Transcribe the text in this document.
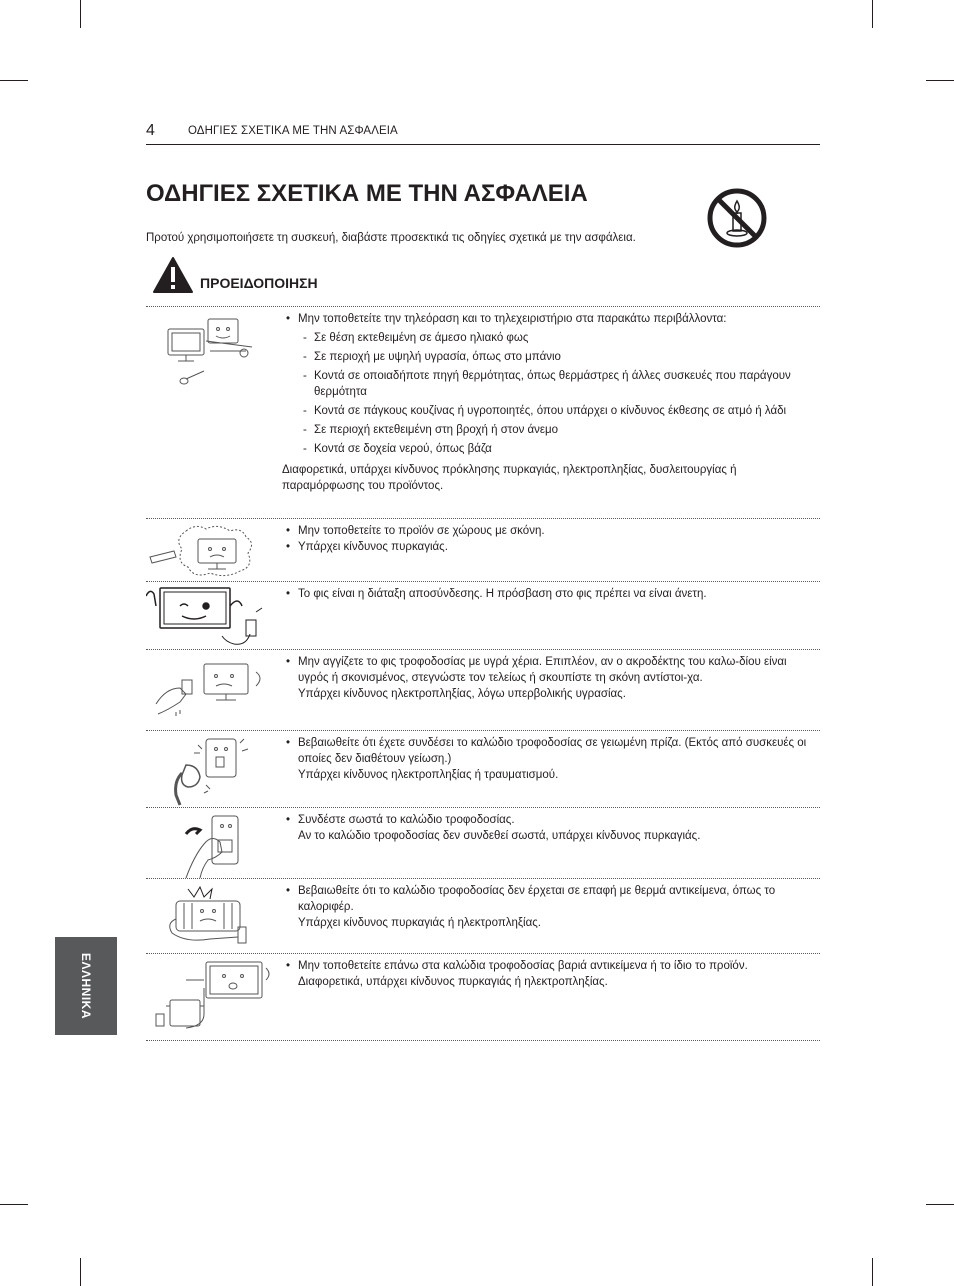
4	ΟΔΗΓΙΕΣ ΣΧΕΤΙΚΑ ΜΕ ΤΗΝ ΑΣΦΑΛΕΙΑ
ΟΔΗΓΙΕΣ ΣΧΕΤΙΚΑ ΜΕ ΤΗΝ ΑΣΦΑΛΕΙΑ
Προτού χρησιμοποιήσετε τη συσκευή, διαβάστε προσεκτικά τις οδηγίες σχετικά με την ασφάλεια.
ΠΡΟΕΙΔΟΠΟΙΗΣΗ
• Μην τοποθετείτε την τηλεόραση και το τηλεχειριστήριο στα παρακάτω περιβάλλοντα:
- Σε θέση εκτεθειμένη σε άμεσο ηλιακό φως
- Σε περιοχή με υψηλή υγρασία, όπως στο μπάνιο
- Κοντά σε οποιαδήποτε πηγή θερμότητας, όπως θερμάστρες ή άλλες συσκευές που παράγουν θερμότητα
- Κοντά σε πάγκους κουζίνας ή υγροποιητές, όπου υπάρχει ο κίνδυνος έκθεσης σε ατμό ή λάδι
- Σε περιοχή εκτεθειμένη στη βροχή ή στον άνεμο
- Κοντά σε δοχεία νερού, όπως βάζα
Διαφορετικά, υπάρχει κίνδυνος πρόκλησης πυρκαγιάς, ηλεκτροπληξίας, δυσλειτουργίας ή παραμόρφωσης του προϊόντος.
• Μην τοποθετείτε το προϊόν σε χώρους με σκόνη.
• Υπάρχει κίνδυνος πυρκαγιάς.
• Το φις είναι η διάταξη αποσύνδεσης. Η πρόσβαση στο φις πρέπει να είναι άνετη.
• Μην αγγίζετε το φις τροφοδοσίας με υγρά χέρια. Επιπλέον, αν ο ακροδέκτης του καλω-δίου είναι υγρός ή σκονισμένος, στεγνώστε τον τελείως ή σκουπίστε τη σκόνη αντίστοι-χα.
Υπάρχει κίνδυνος ηλεκτροπληξίας, λόγω υπερβολικής υγρασίας.
• Βεβαιωθείτε ότι έχετε συνδέσει το καλώδιο τροφοδοσίας σε γειωμένη πρίζα. (Εκτός από συσκευές οι οποίες δεν διαθέτουν γείωση.)
Υπάρχει κίνδυνος ηλεκτροπληξίας ή τραυματισμού.
• Συνδέστε σωστά το καλώδιο τροφοδοσίας.
Αν το καλώδιο τροφοδοσίας δεν συνδεθεί σωστά, υπάρχει κίνδυνος πυρκαγιάς.
• Βεβαιωθείτε ότι το καλώδιο τροφοδοσίας δεν έρχεται σε επαφή με θερμά αντικείμενα, όπως το καλοριφέρ.
Υπάρχει κίνδυνος πυρκαγιάς ή ηλεκτροπληξίας.
• Μην τοποθετείτε επάνω στα καλώδια τροφοδοσίας βαριά αντικείμενα ή το ίδιο το προϊόν.
Διαφορετικά, υπάρχει κίνδυνος πυρκαγιάς ή ηλεκτροπληξίας.
ΕΛΛΗΝΙΚΑ
